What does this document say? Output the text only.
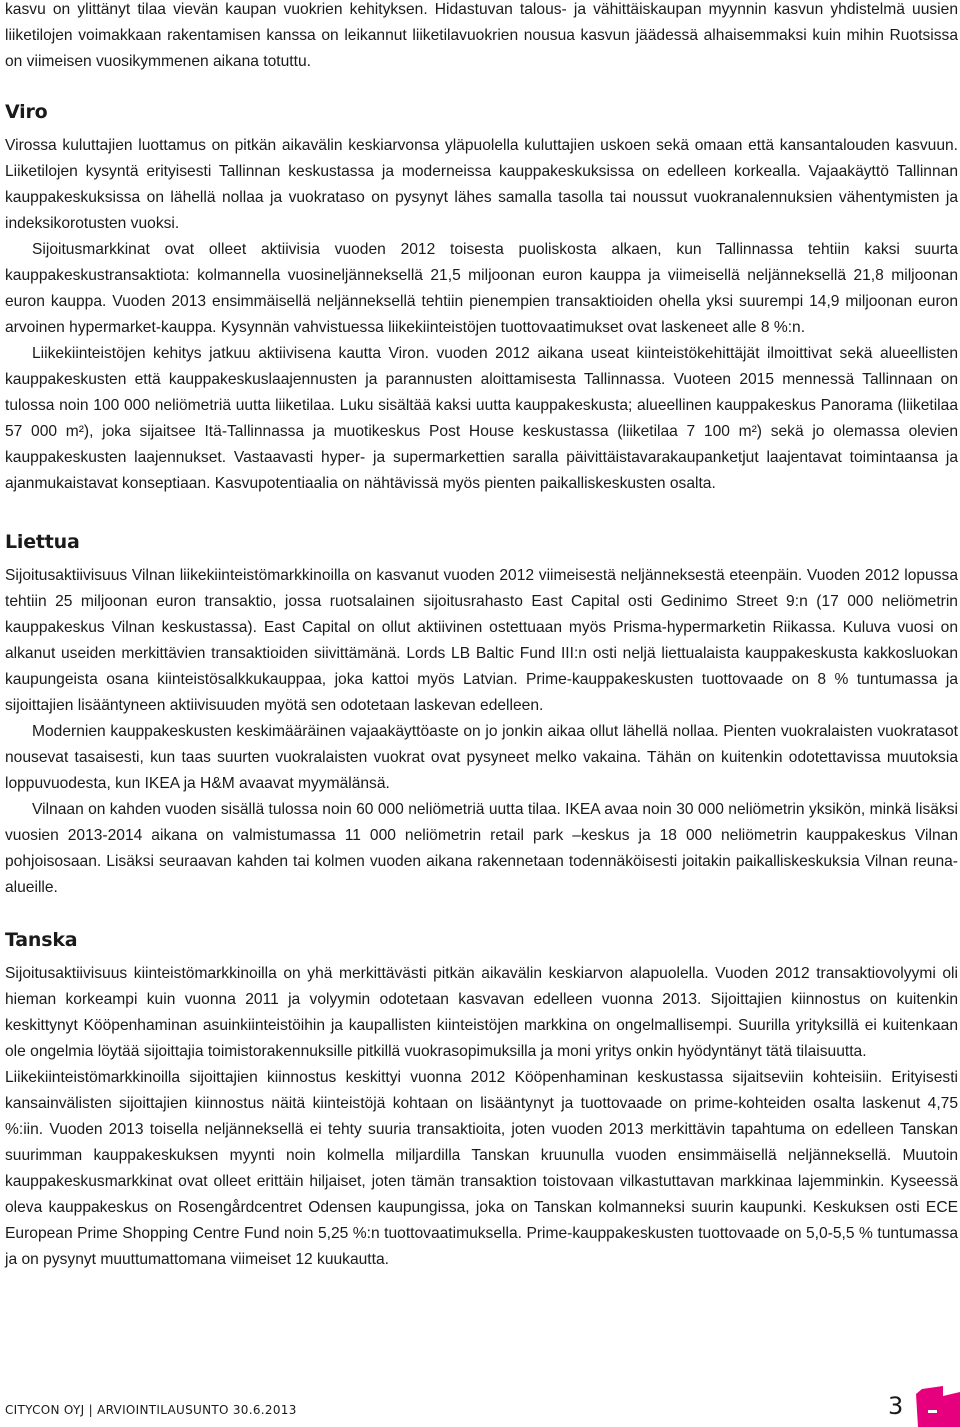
kasvu on ylittänyt tilaa vievän kaupan vuokrien kehityksen. Hidastuvan talous- ja vähittäiskaupan myynnin kasvun yhdistelmä uusien liiketilojen voimakkaan rakentamisen kanssa on leikannut liiketilavuokrien nousua kasvun jäädessä alhaisemmaksi kuin mihin Ruotsissa on viimeisen vuosikymmenen aikana totuttu.

Viro

Virossa kuluttajien luottamus on pitkän aikavälin keskiarvonsa yläpuolella kuluttajien uskoen sekä omaan että kansantalouden kasvuun. Liiketilojen kysyntä erityisesti Tallinnan keskustassa ja moderneissa kauppakeskuksissa on edelleen korkealla. Vajaakäyttö Tallinnan kauppakeskuksissa on lähellä nollaa ja vuokrataso on pysynyt lähes samalla tasolla tai noussut vuokranalennuksien vähentymisten ja indeksikorotusten vuoksi.

Sijoitusmarkkinat ovat olleet aktiivisia vuoden 2012 toisesta puoliskosta alkaen, kun Tallinnassa tehtiin kaksi suurta kauppakeskustransaktiota: kolmannella vuosineljänneksellä 21,5 miljoonan euron kauppa ja viimeisellä neljänneksellä 21,8 miljoonan euron kauppa. Vuoden 2013 ensimmäisellä neljänneksellä tehtiin pienempien transaktioiden ohella yksi suurempi 14,9 miljoonan euron arvoinen hypermarket-kauppa. Kysynnän vahvistuessa liikekiinteistöjen tuottovaatimukset ovat laskeneet alle 8 %:n.

Liikekiinteistöjen kehitys jatkuu aktiivisena kautta Viron. vuoden 2012 aikana useat kiinteistökehittäjät ilmoittivat sekä alueellisten kauppakeskusten että kauppakeskuslaajennusten ja parannusten aloittamisesta Tallinnassa. Vuoteen 2015 mennessä Tallinnaan on tulossa noin 100 000 neliömetriä uutta liiketilaa. Luku sisältää kaksi uutta kauppakeskusta; alueellinen kauppakeskus Panorama (liiketilaa 57 000 m²), joka sijaitsee Itä-Tallinnassa ja muotikeskus Post House keskustassa (liiketilaa 7 100 m²) sekä jo olemassa olevien kauppakeskusten laajennukset. Vastaavasti hyper- ja supermarkettien saralla päivittäistavarakaupanketjut laajentavat toimintaansa ja ajanmukaistavat konseptiaan. Kasvupotentiaalia on nähtävissä myös pienten paikalliskeskusten osalta.

Liettua

Sijoitusaktiivisuus Vilnan liikekiinteistömarkkinoilla on kasvanut vuoden 2012 viimeisestä neljänneksestä eteenpäin. Vuoden 2012 lopussa tehtiin 25 miljoonan euron transaktio, jossa ruotsalainen sijoitusrahasto East Capital osti Gedinimo Street 9:n (17 000 neliömetrin kauppakeskus Vilnan keskustassa). East Capital on ollut aktiivinen ostettuaan myös Prisma-hypermarketin Riikassa. Kuluva vuosi on alkanut useiden merkittävien transaktioiden siivittämänä. Lords LB Baltic Fund III:n osti neljä liettualaista kauppakeskusta kakkosluokan kaupungeista osana kiinteistösalkkukauppaa, joka kattoi myös Latvian. Prime-kauppakeskusten tuottovaade on 8 % tuntumassa ja sijoittajien lisääntyneen aktiivisuuden myötä sen odotetaan laskevan edelleen.

Modernien kauppakeskusten keskimääräinen vajaakäyttöaste on jo jonkin aikaa ollut lähellä nollaa. Pienten vuokralaisten vuokratasot nousevat tasaisesti, kun taas suurten vuokralaisten vuokrat ovat pysyneet melko vakaina. Tähän on kuitenkin odotettavissa muutoksia loppuvuodesta, kun IKEA ja H&M avaavat myymälänsä.

Vilnaan on kahden vuoden sisällä tulossa noin 60 000 neliömetriä uutta tilaa. IKEA avaa noin 30 000 neliömetrin yksikön, minkä lisäksi vuosien 2013-2014 aikana on valmistumassa 11 000 neliömetrin retail park –keskus ja 18 000 neliömetrin kauppakeskus Vilnan pohjoisosaan. Lisäksi seuraavan kahden tai kolmen vuoden aikana rakennetaan todennäköisesti joitakin paikalliskeskuksia Vilnan reuna-alueille.

Tanska

Sijoitusaktiivisuus kiinteistömarkkinoilla on yhä merkittävästi pitkän aikavälin keskiarvon alapuolella. Vuoden 2012 transaktiovolyymi oli hieman korkeampi kuin vuonna 2011 ja volyymin odotetaan kasvavan edelleen vuonna 2013. Sijoittajien kiinnostus on kuitenkin keskittynyt Kööpenhaminan asuinkiinteistöihin ja kaupallisten kiinteistöjen markkina on ongelmallisempi. Suurilla yrityksillä ei kuitenkaan ole ongelmia löytää sijoittajia toimistorakennuksille pitkillä vuokrasopimuksilla ja moni yritys onkin hyödyntänyt tätä tilaisuutta.

Liikekiinteistömarkkinoilla sijoittajien kiinnostus keskittyi vuonna 2012 Kööpenhaminan keskustassa sijaitseviin kohteisiin. Erityisesti kansainvälisten sijoittajien kiinnostus näitä kiinteistöjä kohtaan on lisääntynyt ja tuottovaade on prime-kohteiden osalta laskenut 4,75 %:iin. Vuoden 2013 toisella neljänneksellä ei tehty suuria transaktioita, joten vuoden 2013 merkittävin tapahtuma on edelleen Tanskan suurimman kauppakeskuksen myynti noin kolmella miljardilla Tanskan kruunulla vuoden ensimmäisellä neljänneksellä. Muutoin kauppakeskusmarkkinat ovat olleet erittäin hiljaiset, joten tämän transaktion toistovaan vilkastuttavan markkinaa lajemminkin. Kyseessä oleva kauppakeskus on Rosengårdcentret Odensen kaupungissa, joka on Tanskan kolmanneksi suurin kaupunki. Keskuksen osti ECE European Prime Shopping Centre Fund noin 5,25 %:n tuottovaatimuksella. Prime-kauppakeskusten tuottovaade on 5,0-5,5 % tuntumassa ja on pysynyt muuttumattomana viimeiset 12 kuukautta.

CITYCON OYJ | ARVIOINTILAUSUNTO 30.6.2013	3
